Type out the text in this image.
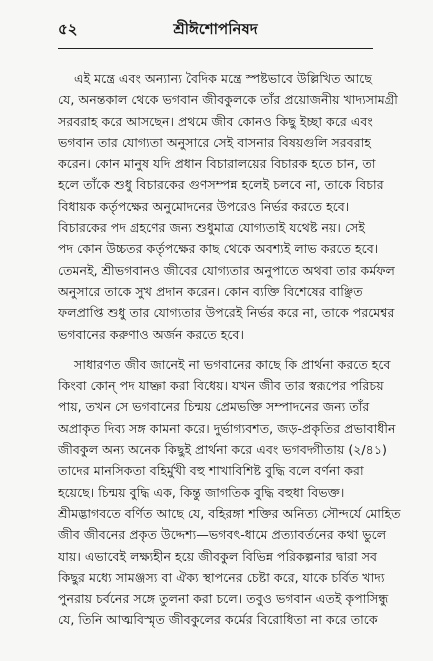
৫২	শ্রীঈশোপনিষদ
এই মন্ত্রে এবং অন্যান্য বৈদিক মন্ত্রে স্পষ্টভাবে উল্লিখিত আছে
যে, অনন্তকাল থেকে ভগবান জীবকুলকে তাঁর প্রয়োজনীয় খাদ্যসামগ্রী
সরবরাহ করে আসছেন। প্রথমে জীব কোনও কিছু ইচ্ছা করে এবং
ভগবান তার যোগ্যতা অনুসারে সেই বাসনার বিষয়গুলি সরবরাহ
করেন। কোন মানুষ যদি প্রধান বিচারালয়ের বিচারক হতে চান, তা
হলে তাঁকে শুধু বিচারকের গুণসম্পন্ন হলেই চলবে না, তাকে বিচার
বিধায়ক কর্তৃপক্ষের অনুমোদনের উপরেও নির্ভর করতে হবে।
বিচারকের পদ গ্রহণের জন্য শুধুমাত্র যোগ্যতাই যথেষ্ট নয়। সেই
পদ কোন উচ্চতর কর্তৃপক্ষের কাছ থেকে অবশ্যই লাভ করতে হবে।
তেমনই, শ্রীভগবানও জীবের যোগ্যতার অনুপাতে অথবা তার কর্মফল
অনুসারে তাকে সুখ প্রদান করেন। কোন ব্যক্তি বিশেষের বাঞ্ছিত
ফলপ্রাপ্তি শুধু তার যোগ্যতার উপরেই নির্ভর করে না, তাকে পরমেশ্বর
ভগবানের করুণাও অর্জন করতে হবে।
সাধারণত জীব জানেই না ভগবানের কাছে কি প্রার্থনা করতে হবে
কিংবা কোন্ পদ যাচ্ঞা করা বিধেয়। যখন জীব তার স্বরূপের পরিচয়
পায়, তখন সে ভগবানের চিন্ময় প্রেমভক্তি সম্পাদনের জন্য তাঁর
অপ্রাকৃত দিব্য সঙ্গ কামনা করে। দুর্ভাগ্যবশত, জড়-প্রকৃতির প্রভাবাধীন
জীবকুল অন্য অনেক কিছুই প্রার্থনা করে এবং ভগবদ্গীতায় (২/৪১)
তাদের মানসিকতা বহির্মুখী বহু শাখাবিশিষ্ট বুদ্ধি বলে বর্ণনা করা
হয়েছে। চিন্ময় বুদ্ধি এক, কিন্তু জাগতিক বুদ্ধি বহুধা বিভক্ত।
শ্রীমদ্ভাগবতে বর্ণিত আছে যে, বহিরঙ্গা শক্তির অনিত্য সৌন্দর্যে মোহিত
জীব জীবনের প্রকৃত উদ্দেশ্য—ভগবৎ-ধামে প্রত্যাবর্তনের কথা ভুলে
যায়। এভাবেই লক্ষ্যহীন হয়ে জীবকুল বিভিন্ন পরিকল্পনার দ্বারা সব
কিছুর মধ্যে সামঞ্জস্য বা ঐক্য স্থাপনের চেষ্টা করে, যাকে চর্বিত খাদ্য
পুনরায় চর্বনের সঙ্গে তুলনা করা চলে। তবুও ভগবান এতই কৃপাসিন্ধু
যে, তিনি আত্মবিস্মৃত জীবকুলের কর্মের বিরোধিতা না করে তাকে
